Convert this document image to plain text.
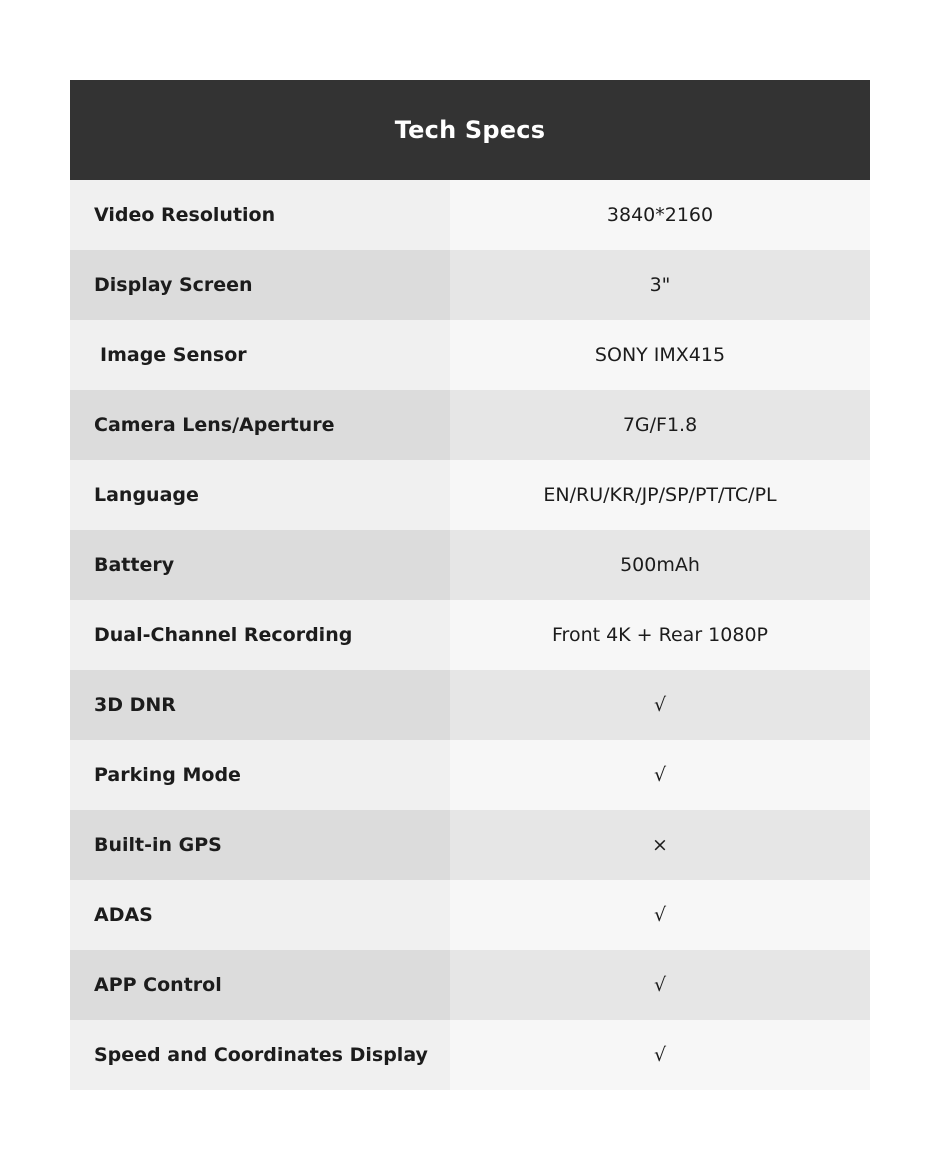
Tech Specs
Video Resolution	3840*2160
Display Screen	3"
Image Sensor	SONY IMX415
Camera Lens/Aperture	7G/F1.8
Language	EN/RU/KR/JP/SP/PT/TC/PL
Battery	500mAh
Dual-Channel Recording	Front 4K + Rear 1080P
3D DNR	√
Parking Mode	√
Built-in GPS	×
ADAS	√
APP Control	√
Speed and Coordinates Display	√
